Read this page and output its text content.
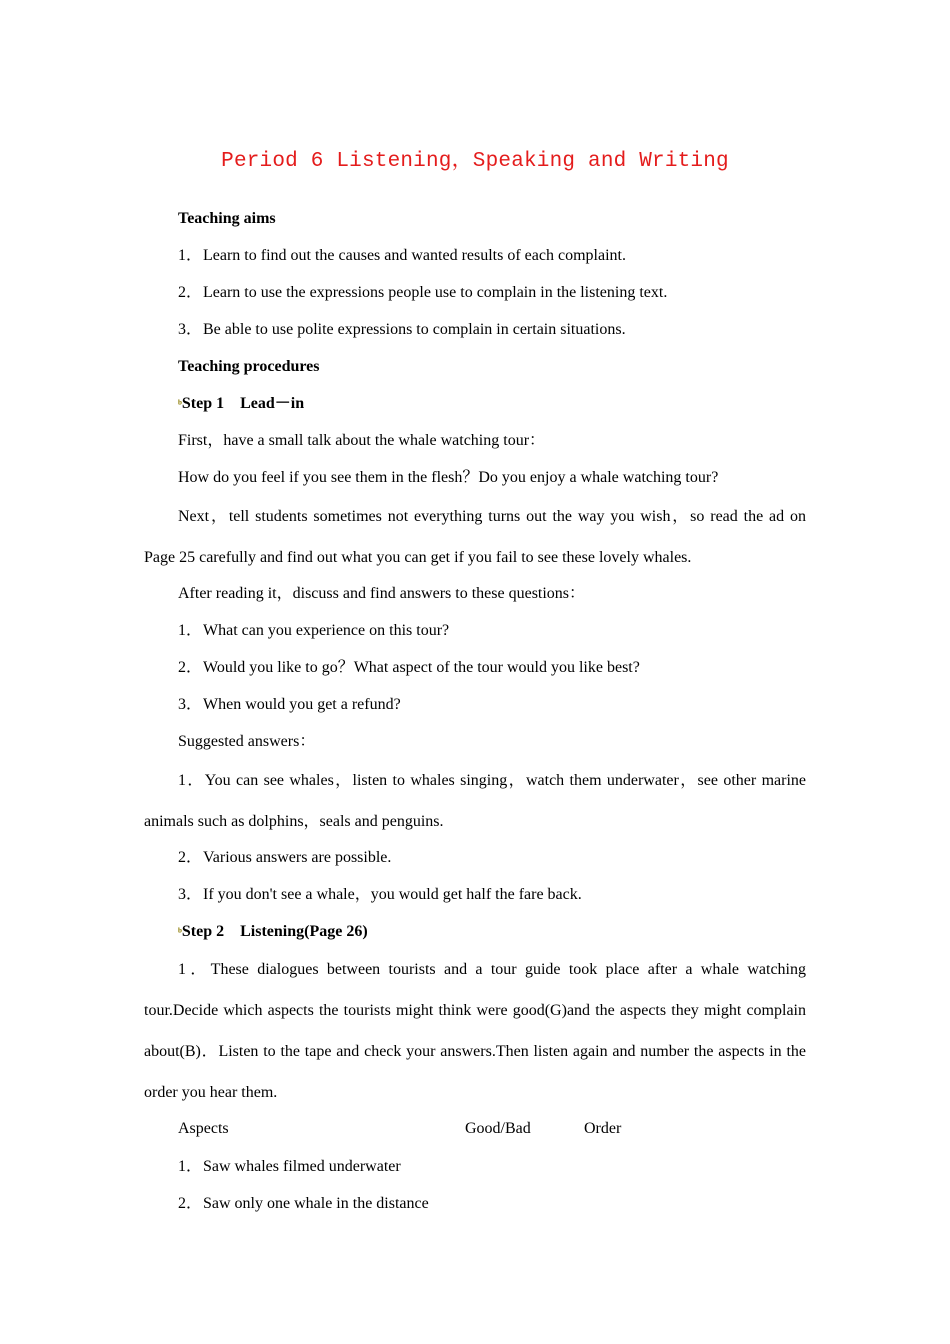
Period 6 Listening，Speaking and Writing
Teaching aims
1．Learn to find out the causes and wanted results of each complaint.
2．Learn to use the expressions people use to complain in the listening text.
3．Be able to use polite expressions to complain in certain situations.
Teaching procedures
ᵇStep 1　Lead－in
First，have a small talk about the whale watching tour：
How do you feel if you see them in the flesh？Do you enjoy a whale watching tour?
Next，tell students sometimes not everything turns out the way you wish，so read the ad on Page 25 carefully and find out what you can get if you fail to see these lovely whales.
After reading it，discuss and find answers to these questions：
1．What can you experience on this tour?
2．Would you like to go？What aspect of the tour would you like best?
3．When would you get a refund?
Suggested answers：
1．You can see whales，listen to whales singing，watch them underwater，see other marine animals such as dolphins，seals and penguins.
2．Various answers are possible.
3．If you don't see a whale，you would get half the fare back.
ᵇStep 2　Listening(Page 26)
1．These dialogues between tourists and a tour guide took place after a whale watching tour.Decide which aspects the tourists might think were good(G)and the aspects they might complain about(B)．Listen to the tape and check your answers.Then listen again and number the aspects in the order you hear them.
Aspects	Good/Bad	Order
1．Saw whales filmed underwater
2．Saw only one whale in the distance
